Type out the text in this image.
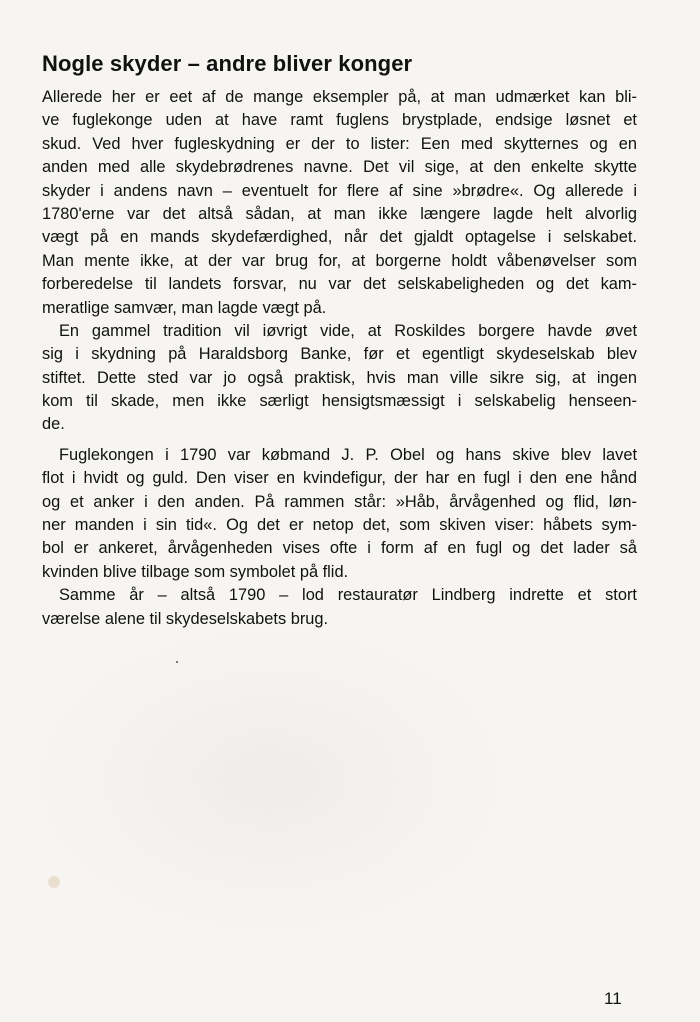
Nogle skyder – andre bliver konger
Allerede her er eet af de mange eksempler på, at man udmærket kan bli-
ve fuglekonge uden at have ramt fuglens brystplade, endsige løsnet et
skud. Ved hver fugleskydning er der to lister: Een med skytternes og en
anden med alle skydebrødrenes navne. Det vil sige, at den enkelte skytte
skyder i andens navn – eventuelt for flere af sine »brødre«. Og allerede i
1780'erne var det altså sådan, at man ikke længere lagde helt alvorlig
vægt på en mands skydefærdighed, når det gjaldt optagelse i selskabet.
Man mente ikke, at der var brug for, at borgerne holdt våbenøvelser som
forberedelse til landets forsvar, nu var det selskabeligheden og det kam-
meratlige samvær, man lagde vægt på.
En gammel tradition vil iøvrigt vide, at Roskildes borgere havde øvet
sig i skydning på Haraldsborg Banke, før et egentligt skydeselskab blev
stiftet. Dette sted var jo også praktisk, hvis man ville sikre sig, at ingen
kom til skade, men ikke særligt hensigtsmæssigt i selskabelig henseen-
de.
Fuglekongen i 1790 var købmand J. P. Obel og hans skive blev lavet
flot i hvidt og guld. Den viser en kvindefigur, der har en fugl i den ene hånd
og et anker i den anden. På rammen står: »Håb, årvågenhed og flid, løn-
ner manden i sin tid«. Og det er netop det, som skiven viser: håbets sym-
bol er ankeret, årvågenheden vises ofte i form af en fugl og det lader så
kvinden blive tilbage som symbolet på flid.
Samme år – altså 1790 – lod restauratør Lindberg indrette et stort
værelse alene til skydeselskabets brug.
11
